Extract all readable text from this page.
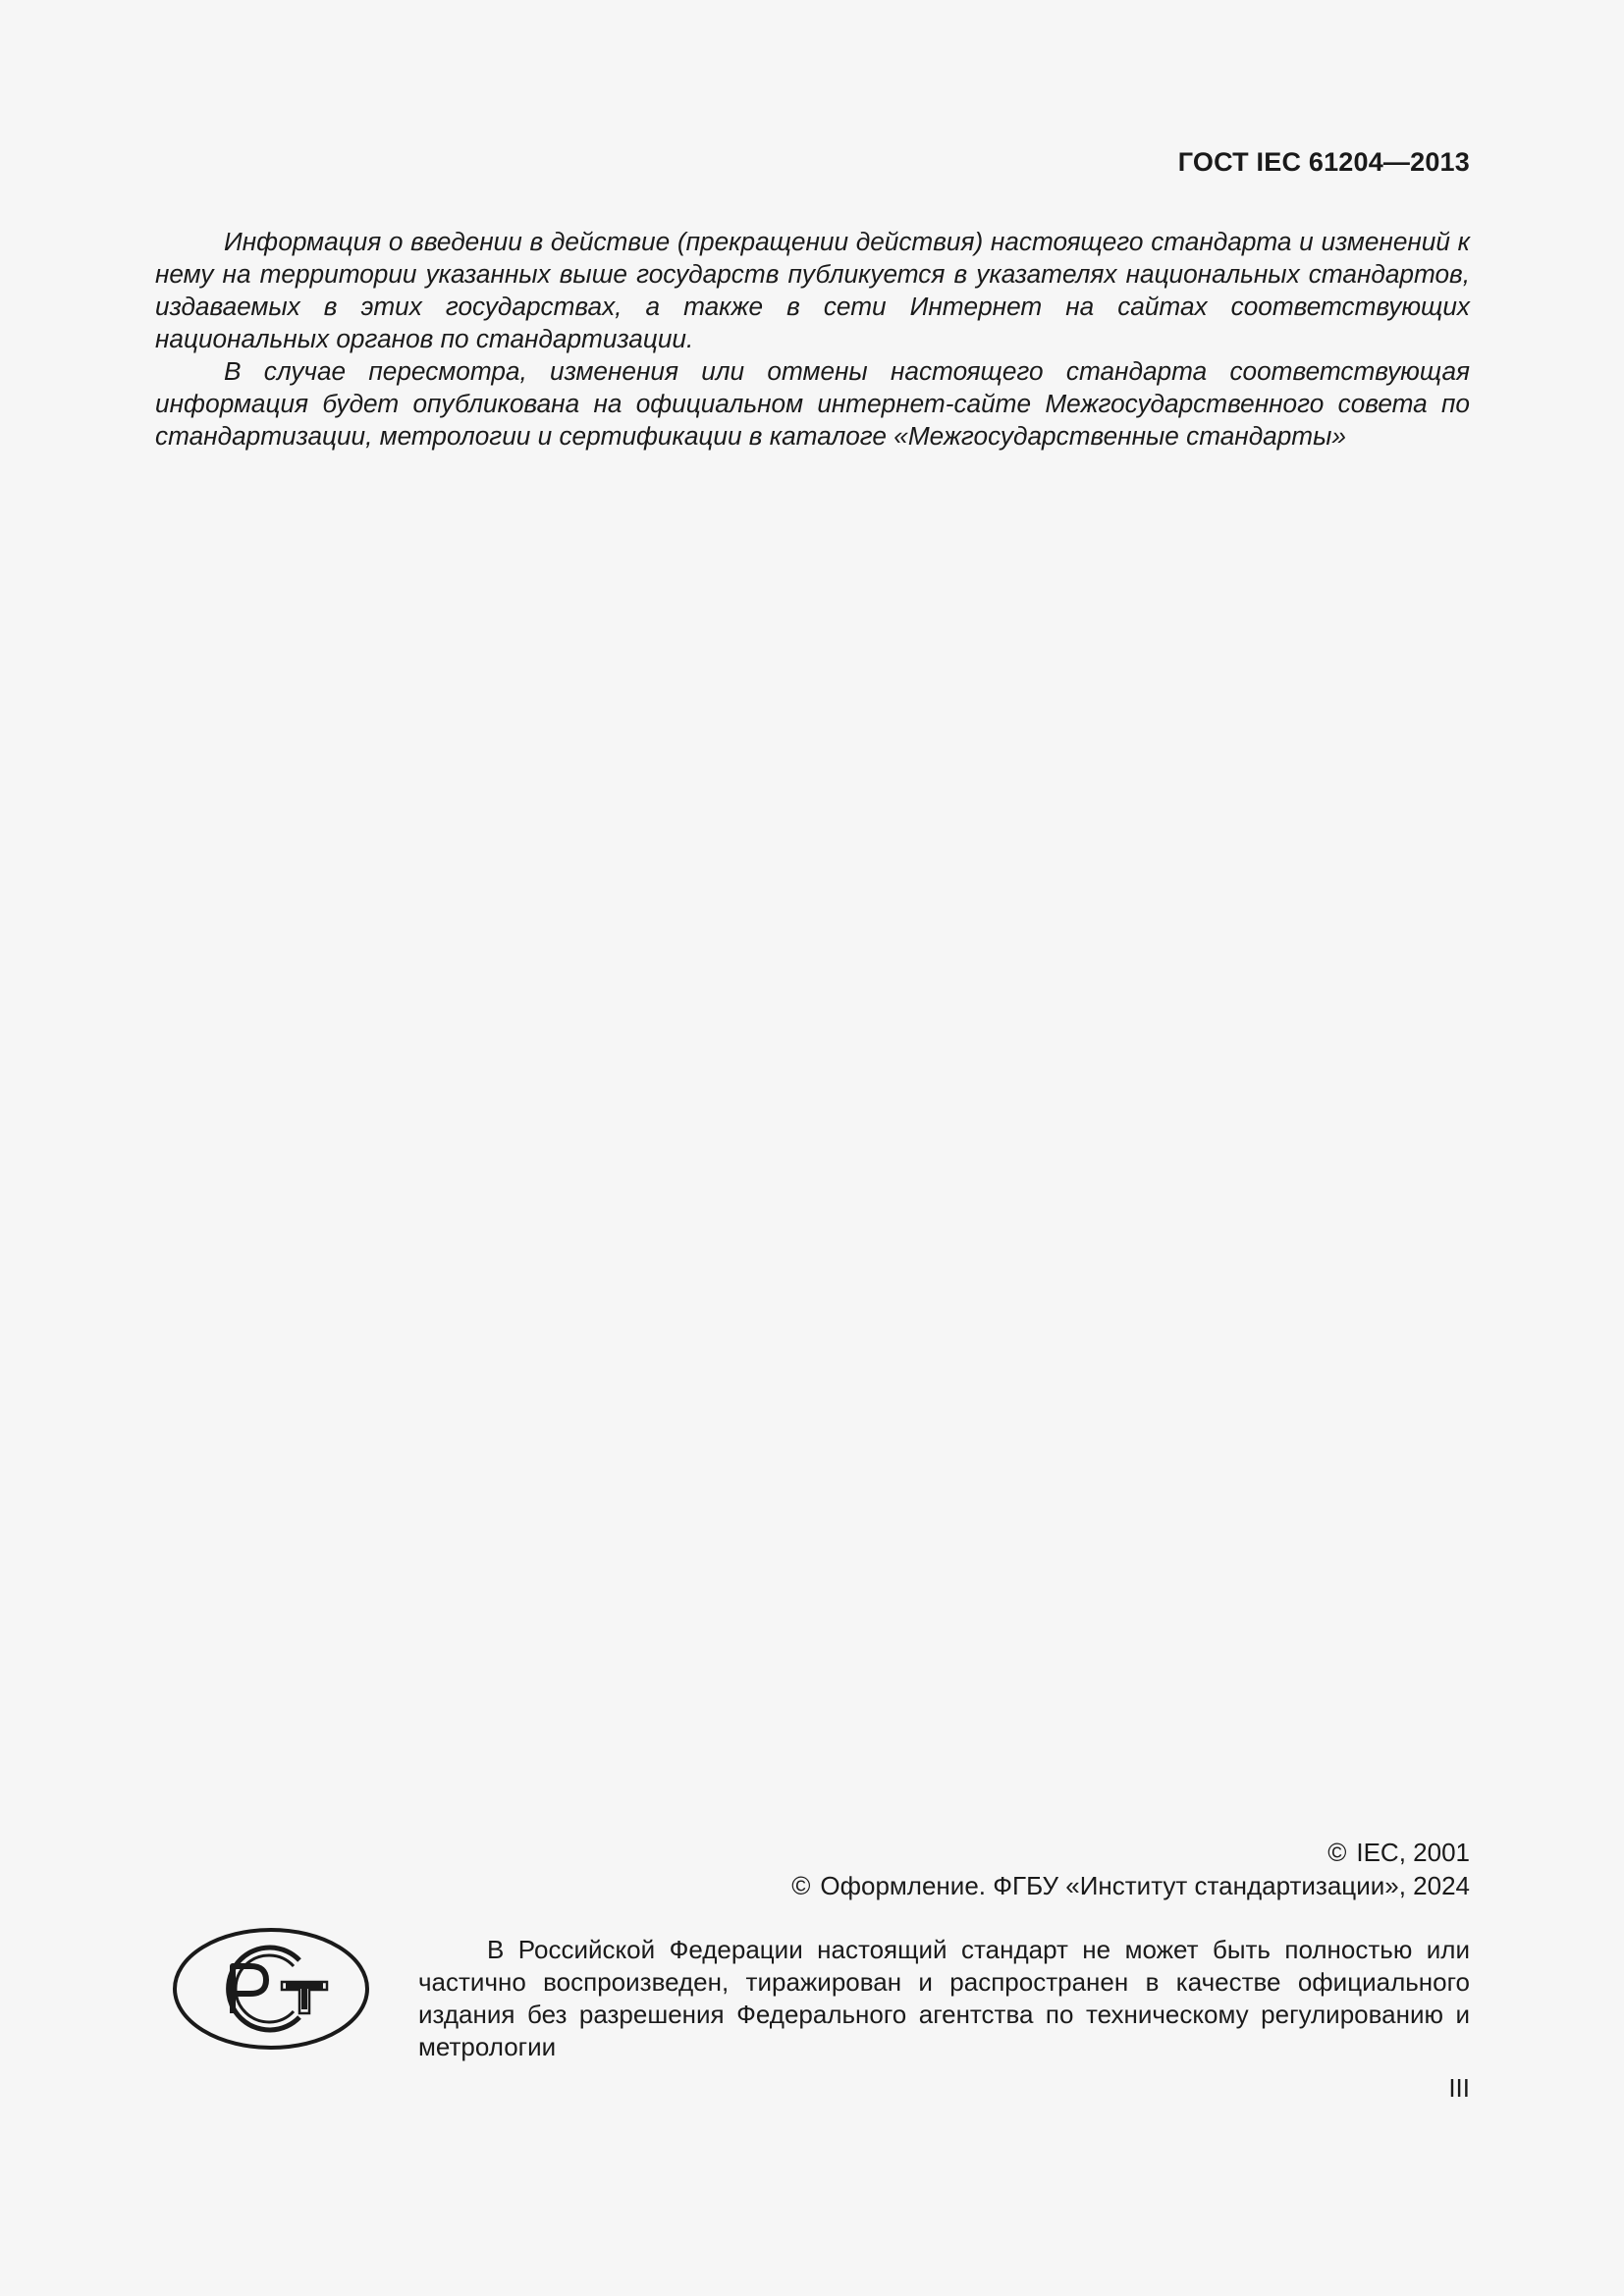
ГОСТ IEC 61204—2013

Информация о введении в действие (прекращении действия) настоящего стандарта и изменений к нему на территории указанных выше государств публикуется в указателях национальных стандартов, издаваемых в этих государствах, а также в сети Интернет на сайтах соответствующих национальных органов по стандартизации.

В случае пересмотра, изменения или отмены настоящего стандарта соответствующая информация будет опубликована на официальном интернет-сайте Межгосударственного совета по стандартизации, метрологии и сертификации в каталоге «Межгосударственные стандарты»

© IEC, 2001
© Оформление. ФГБУ «Институт стандартизации», 2024

В Российской Федерации настоящий стандарт не может быть полностью или частично воспроизведен, тиражирован и распространен в качестве официального издания без разрешения Федерального агентства по техническому регулированию и метрологии

III
